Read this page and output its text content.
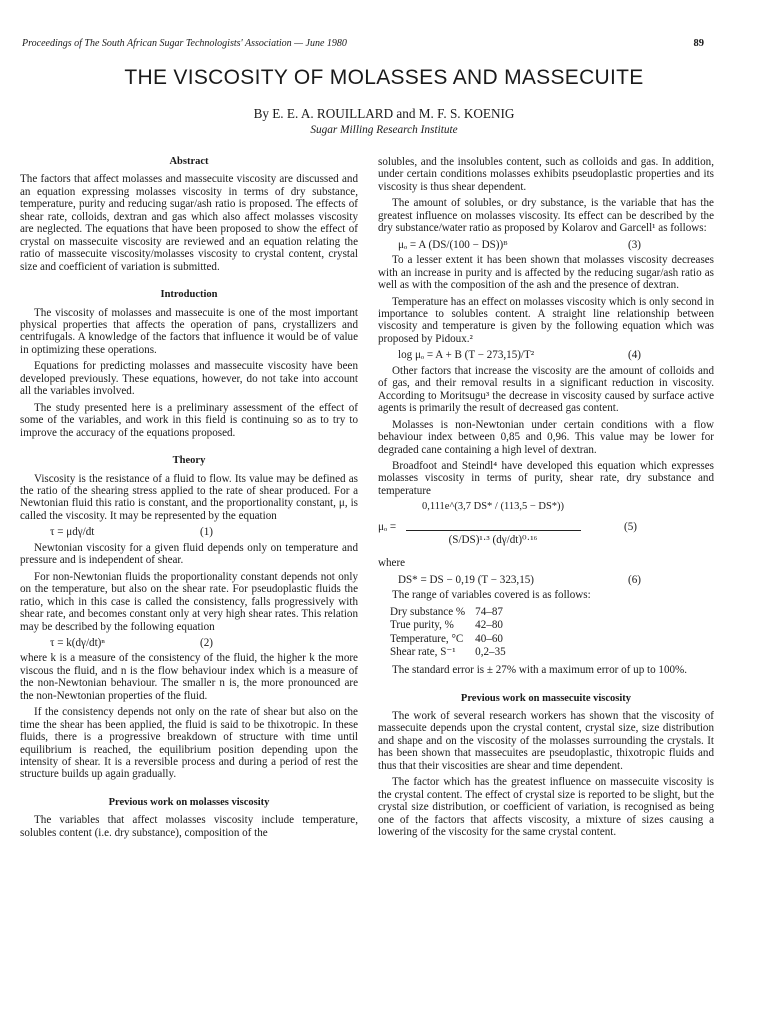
Proceedings of The South African Sugar Technologists' Association — June 1980	89
THE VISCOSITY OF MOLASSES AND MASSECUITE
By E. E. A. ROUILLARD and M. F. S. KOENIG
Sugar Milling Research Institute
Abstract

The factors that affect molasses and massecuite viscosity are discussed and an equation expressing molasses viscosity in terms of dry substance, temperature, purity and reducing sugar/ash ratio is proposed. The effects of shear rate, colloids, dextran and gas which also affect molasses viscosity are neglected. The equations that have been proposed to show the effect of crystal on massecuite viscosity are reviewed and an equation relating the ratio of massecuite viscosity/molasses viscosity to crystal content, crystal size and coefficient of variation is submitted.

Introduction

The viscosity of molasses and massecuite is one of the most important physical properties that affects the operation of pans, crystallizers and centrifugals. A knowledge of the factors that influence it would be of value in optimizing these operations.

Equations for predicting molasses and massecuite viscosity have been developed previously. These equations, however, do not take into account all the variables involved.

The study presented here is a preliminary assessment of the effect of some of the variables, and work in this field is continuing so as to try to improve the accuracy of the equations proposed.

Theory

Viscosity is the resistance of a fluid to flow. Its value may be defined as the ratio of the shearing stress applied to the rate of shear produced. For a Newtonian fluid this ratio is constant, and the proportionality constant, μ, is called the viscosity. It may be represented by the equation

τ = μdγ/dt	(1)

Newtonian viscosity for a given fluid depends only on temperature and pressure and is independent of shear.

For non-Newtonian fluids the proportionality constant depends not only on the temperature, but also on the shear rate. For pseudoplastic fluids the ratio, which in this case is called the consistency, falls progressively with shear rate, and becomes constant only at very high shear rates. This relation may be described by the following equation

τ = k(dγ/dt)ⁿ	(2)

where k is a measure of the consistency of the fluid, the higher k the more viscous the fluid, and n is the flow behaviour index which is a measure of the non-Newtonian behaviour. The smaller n is, the more pronounced are the non-Newtonian properties of the fluid.

If the consistency depends not only on the rate of shear but also on the time the shear has been applied, the fluid is said to be thixotropic. In these fluids, there is a progressive breakdown of structure with time until equilibrium is reached, the equilibrium position depending upon the intensity of shear. It is a reversible process and during a period of rest the structure builds up again gradually.

Previous work on molasses viscosity

The variables that affect molasses viscosity include temperature, solubles content (i.e. dry substance), composition of the

solubles, and the insolubles content, such as colloids and gas. In addition, under certain conditions molasses exhibits pseudoplastic properties and its viscosity is thus shear dependent.

The amount of solubles, or dry substance, is the variable that has the greatest influence on molasses viscosity. Its effect can be described by the dry substance/water ratio as proposed by Kolarov and Garcell¹ as follows:

μₒ = A (DS/(100 − DS))ᴮ	(3)

To a lesser extent it has been shown that molasses viscosity decreases with an increase in purity and is affected by the reducing sugar/ash ratio as well as with the composition of the ash and the presence of dextran.

Temperature has an effect on molasses viscosity which is only second in importance to solubles content. A straight line relationship between viscosity and temperature is given by the following equation which was proposed by Pidoux.²

log μₒ = A + B (T − 273,15)/T²	(4)

Other factors that increase the viscosity are the amount of colloids and of gas, and their removal results in a significant reduction in viscosity. According to Moritsugu³ the decrease in viscosity caused by surface active agents is primarily the result of decreased gas content.

Molasses is non-Newtonian under certain conditions with a flow behaviour index between 0,85 and 0,96. This value may be lower for degraded cane containing a high level of dextran.

Broadfoot and Steindl⁴ have developed this equation which expresses molasses viscosity in terms of purity, shear rate, dry substance and temperature

μₒ =
0,111e^(3,7 DS* / (113,5 − DS*))
(S/DS)¹·³ (dγ/dt)⁰·¹⁶
(5)

where

DS* = DS − 0,19 (T − 323,15)	(6)

The range of variables covered is as follows:

Dry substance %	74–87
True purity, %	42–80
Temperature, °C	40–60
Shear rate, S⁻¹	0,2–35

The standard error is ± 27% with a maximum error of up to 100%.

Previous work on massecuite viscosity

The work of several research workers has shown that the viscosity of massecuite depends upon the crystal content, crystal size, size distribution and shape and on the viscosity of the molasses surrounding the crystals. It has been shown that massecuites are pseudoplastic, thixotropic fluids and thus that their viscosities are shear and time dependent.

The factor which has the greatest influence on massecuite viscosity is the crystal content. The effect of crystal size is reported to be slight, but the crystal size distribution, or coefficient of variation, is recognised as being one of the factors that affects viscosity, a mixture of sizes causing a lowering of the viscosity for the same crystal content.
